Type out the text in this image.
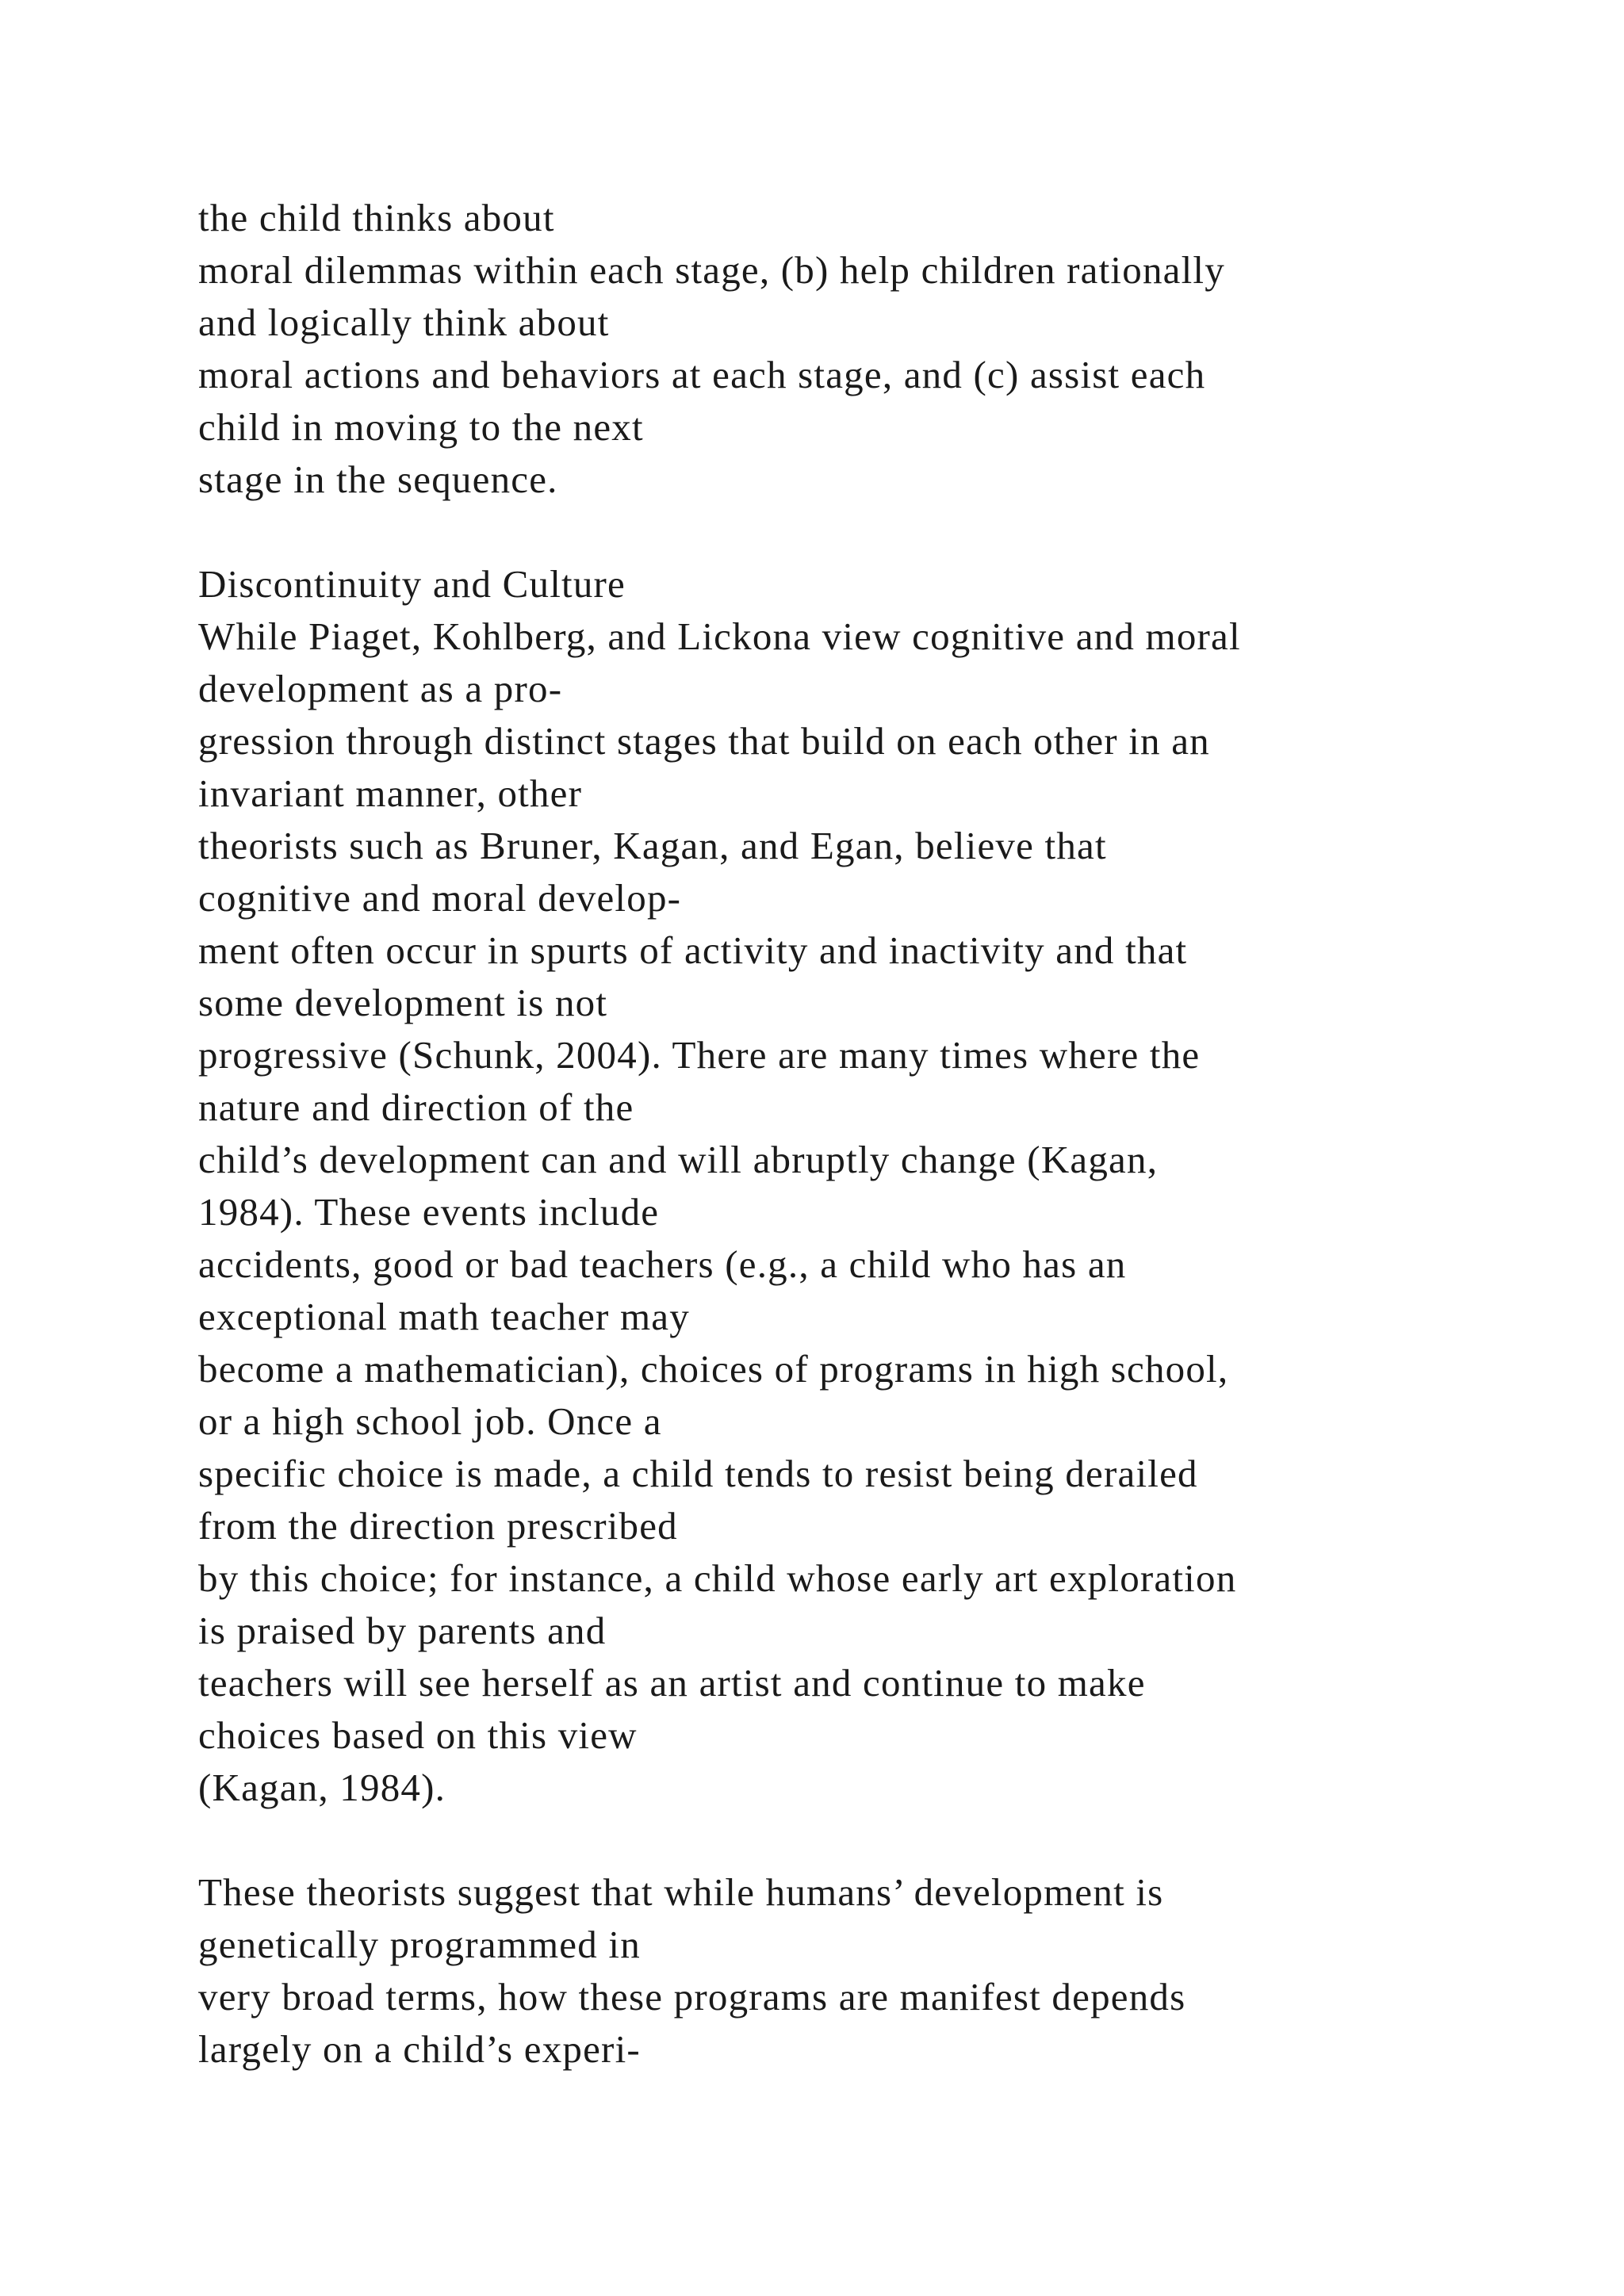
the child thinks about
moral dilemmas within each stage, (b) help children rationally
and logically think about
moral actions and behaviors at each stage, and (c) assist each
child in moving to the next
stage in the sequence.
Discontinuity and Culture
While Piaget, Kohlberg, and Lickona view cognitive and moral
development as a pro-
gression through distinct stages that build on each other in an
invariant manner, other
theorists such as Bruner, Kagan, and Egan, believe that
cognitive and moral develop-
ment often occur in spurts of activity and inactivity and that
some development is not
progressive (Schunk, 2004). There are many times where the
nature and direction of the
child’s development can and will abruptly change (Kagan,
1984). These events include
accidents, good or bad teachers (e.g., a child who has an
exceptional math teacher may
become a mathematician), choices of programs in high school,
or a high school job. Once a
specific choice is made, a child tends to resist being derailed
from the direction prescribed
by this choice; for instance, a child whose early art exploration
is praised by parents and
teachers will see herself as an artist and continue to make
choices based on this view
(Kagan, 1984).
These theorists suggest that while humans’ development is
genetically programmed in
very broad terms, how these programs are manifest depends
largely on a child’s experi-
